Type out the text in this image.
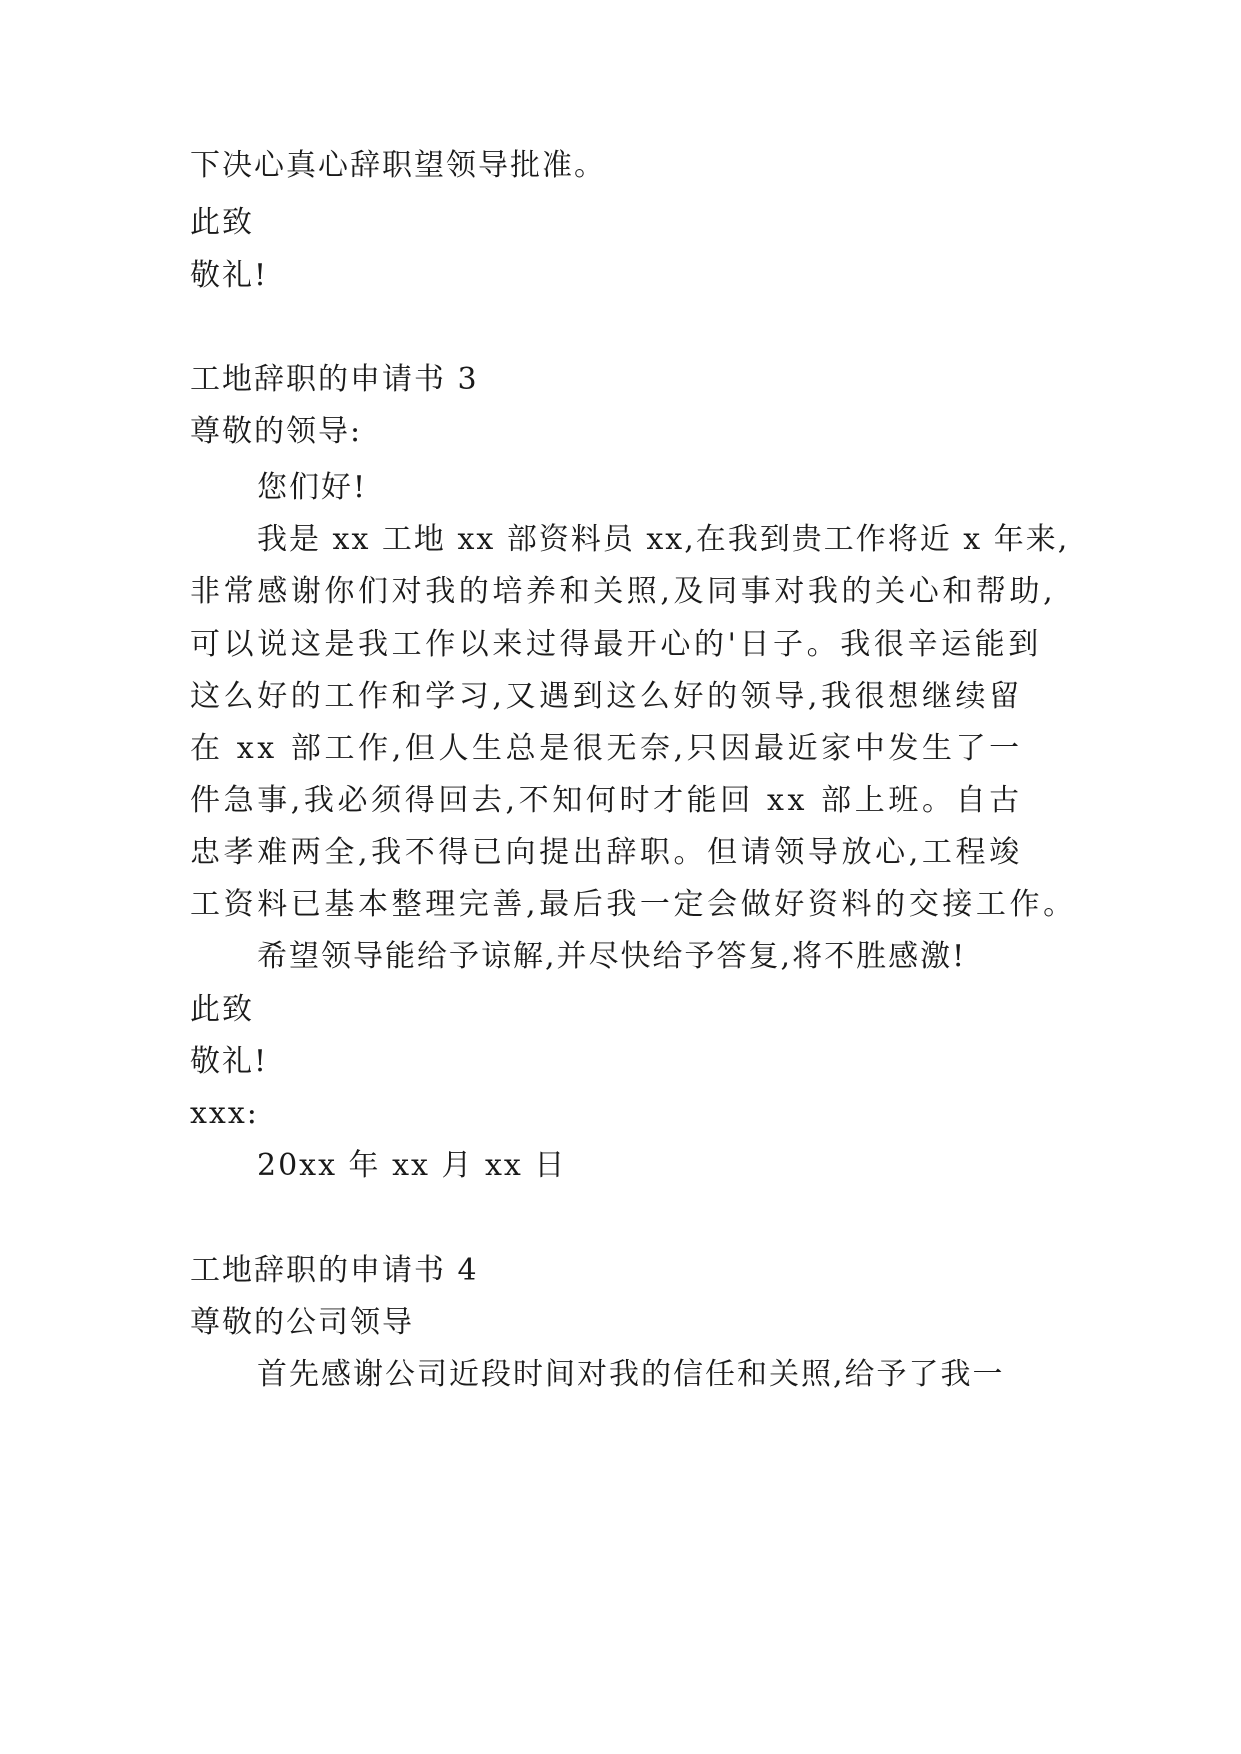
下决心真心辞职望领导批准。
此致
敬礼!
工地辞职的申请书 3
尊敬的领导:
您们好!
我是 xx 工地 xx 部资料员 xx,在我到贵工作将近 x 年来,
非常感谢你们对我的培养和关照,及同事对我的关心和帮助,
可以说这是我工作以来过得最开心的'日子。我很辛运能到
这么好的工作和学习,又遇到这么好的领导,我很想继续留
在 xx 部工作,但人生总是很无奈,只因最近家中发生了一
件急事,我必须得回去,不知何时才能回 xx 部上班。自古
忠孝难两全,我不得已向提出辞职。但请领导放心,工程竣
工资料已基本整理完善,最后我一定会做好资料的交接工作。
希望领导能给予谅解,并尽快给予答复,将不胜感激!
此致
敬礼!
xxx:
20xx 年 xx 月 xx 日
工地辞职的申请书 4
尊敬的公司领导
首先感谢公司近段时间对我的信任和关照,给予了我一
